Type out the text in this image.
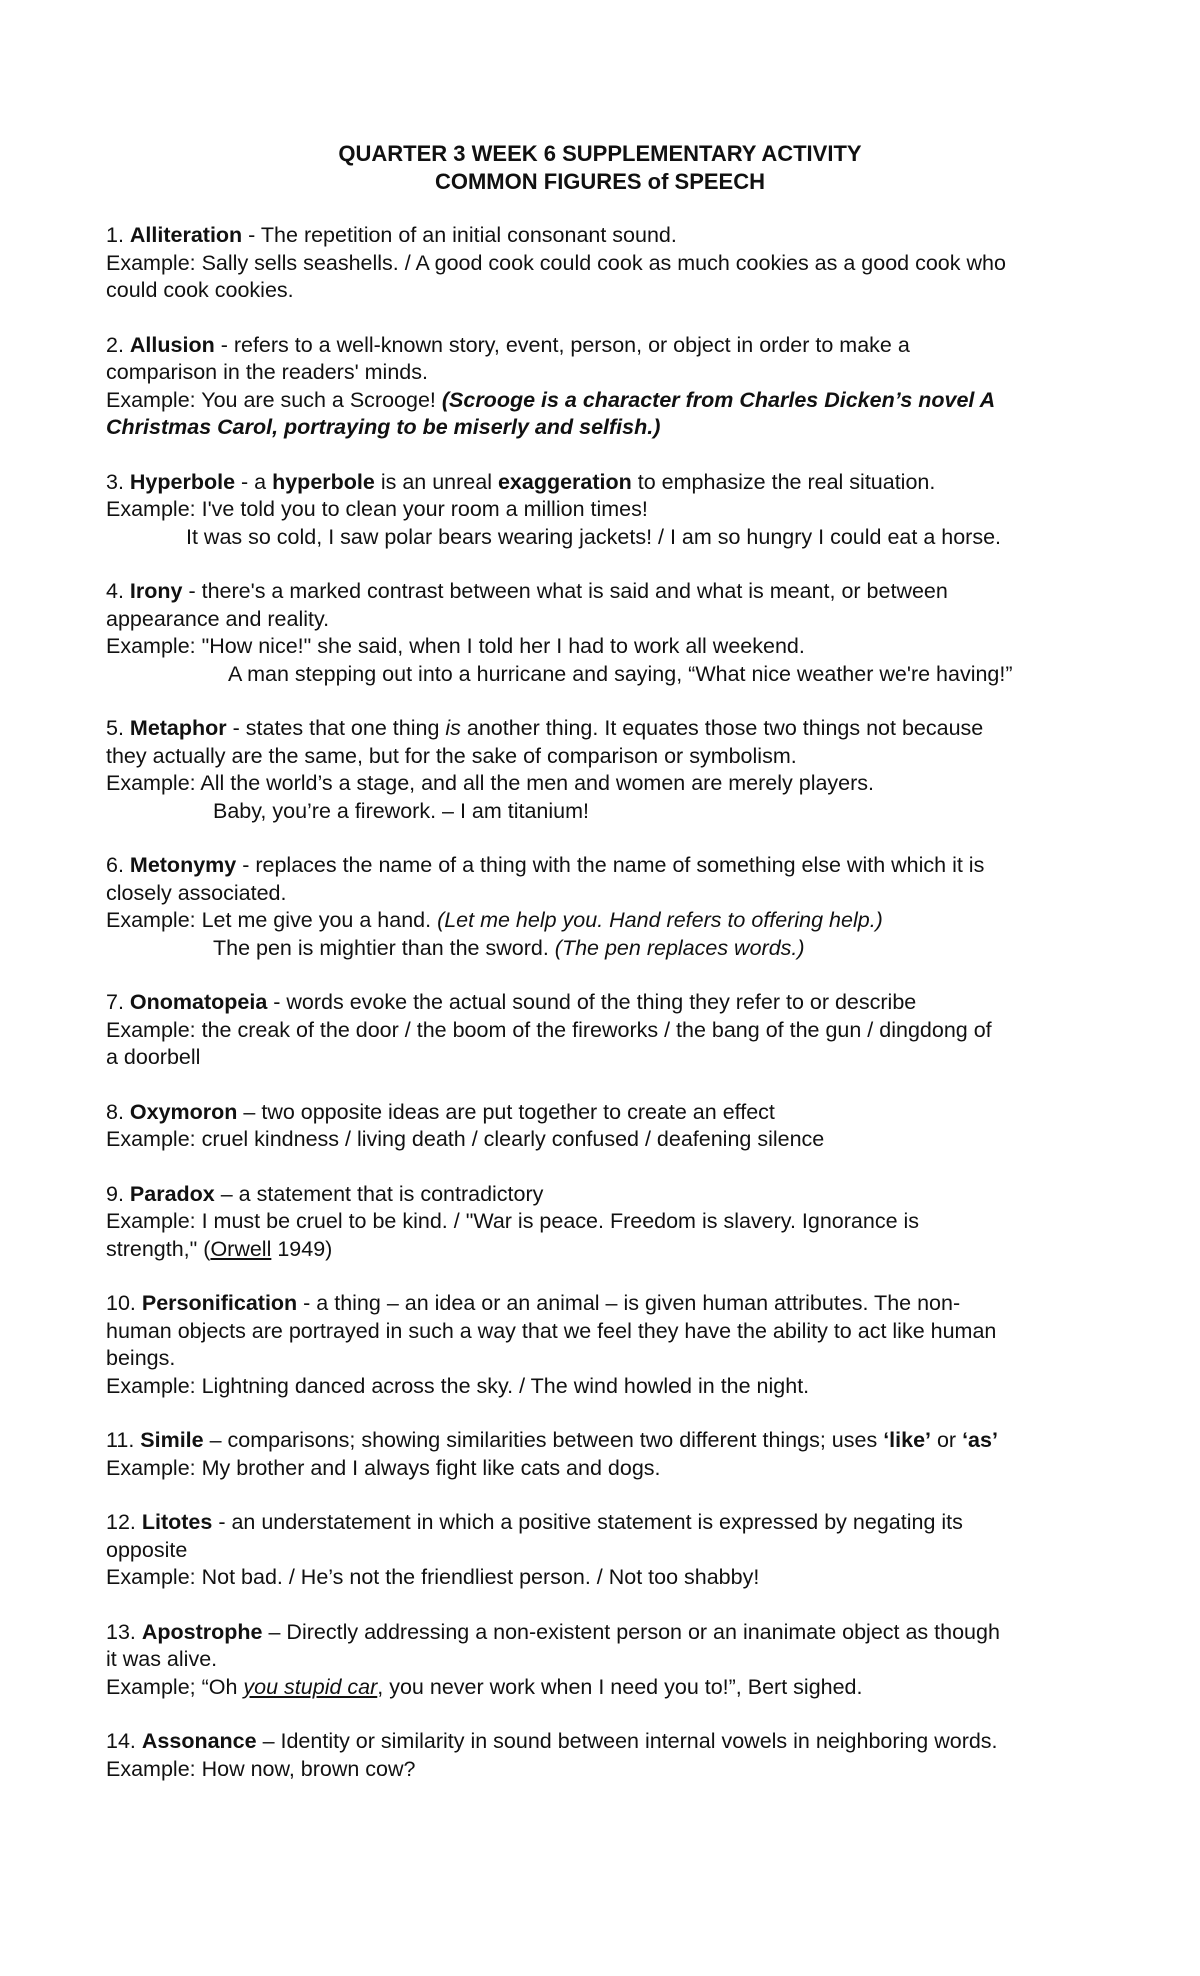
QUARTER 3 WEEK 6 SUPPLEMENTARY ACTIVITY

COMMON FIGURES of SPEECH

1. Alliteration - The repetition of an initial consonant sound.
Example: Sally sells seashells. / A good cook could cook as much cookies as a good cook who
could cook cookies.
2. Allusion - refers to a well-known story, event, person, or object in order to make a
comparison in the readers' minds.
Example: You are such a Scrooge! (Scrooge is a character from Charles Dicken’s novel A
Christmas Carol, portraying to be miserly and selfish.)
3. Hyperbole - a hyperbole is an unreal exaggeration to emphasize the real situation.
Example: I've told you to clean your room a million times!
It was so cold, I saw polar bears wearing jackets! / I am so hungry I could eat a horse.
4. Irony - there's a marked contrast between what is said and what is meant, or between
appearance and reality.
Example: "How nice!" she said, when I told her I had to work all weekend.
A man stepping out into a hurricane and saying, “What nice weather we're having!”
5. Metaphor - states that one thing is another thing. It equates those two things not because
they actually are the same, but for the sake of comparison or symbolism.
Example: All the world’s a stage, and all the men and women are merely players.
Baby, you’re a firework. – I am titanium!
6. Metonymy - replaces the name of a thing with the name of something else with which it is
closely associated.
Example: Let me give you a hand. (Let me help you. Hand refers to offering help.)
The pen is mightier than the sword. (The pen replaces words.)
7. Onomatopeia - words evoke the actual sound of the thing they refer to or describe
Example: the creak of the door / the boom of the fireworks / the bang of the gun / dingdong of
a doorbell
8. Oxymoron – two opposite ideas are put together to create an effect
Example: cruel kindness / living death / clearly confused / deafening silence
9. Paradox – a statement that is contradictory
Example: I must be cruel to be kind. / "War is peace. Freedom is slavery. Ignorance is
strength," (Orwell 1949)
10. Personification - a thing – an idea or an animal – is given human attributes. The non-
human objects are portrayed in such a way that we feel they have the ability to act like human
beings.
Example: Lightning danced across the sky. / The wind howled in the night.
11. Simile – comparisons; showing similarities between two different things; uses ‘like’ or ‘as’
Example: My brother and I always fight like cats and dogs.
12. Litotes - an understatement in which a positive statement is expressed by negating its
opposite
Example: Not bad. / He’s not the friendliest person. / Not too shabby!
13. Apostrophe – Directly addressing a non-existent person or an inanimate object as though
it was alive.
Example; “Oh you stupid car, you never work when I need you to!”, Bert sighed.
14. Assonance – Identity or similarity in sound between internal vowels in neighboring words.
Example: How now, brown cow?
